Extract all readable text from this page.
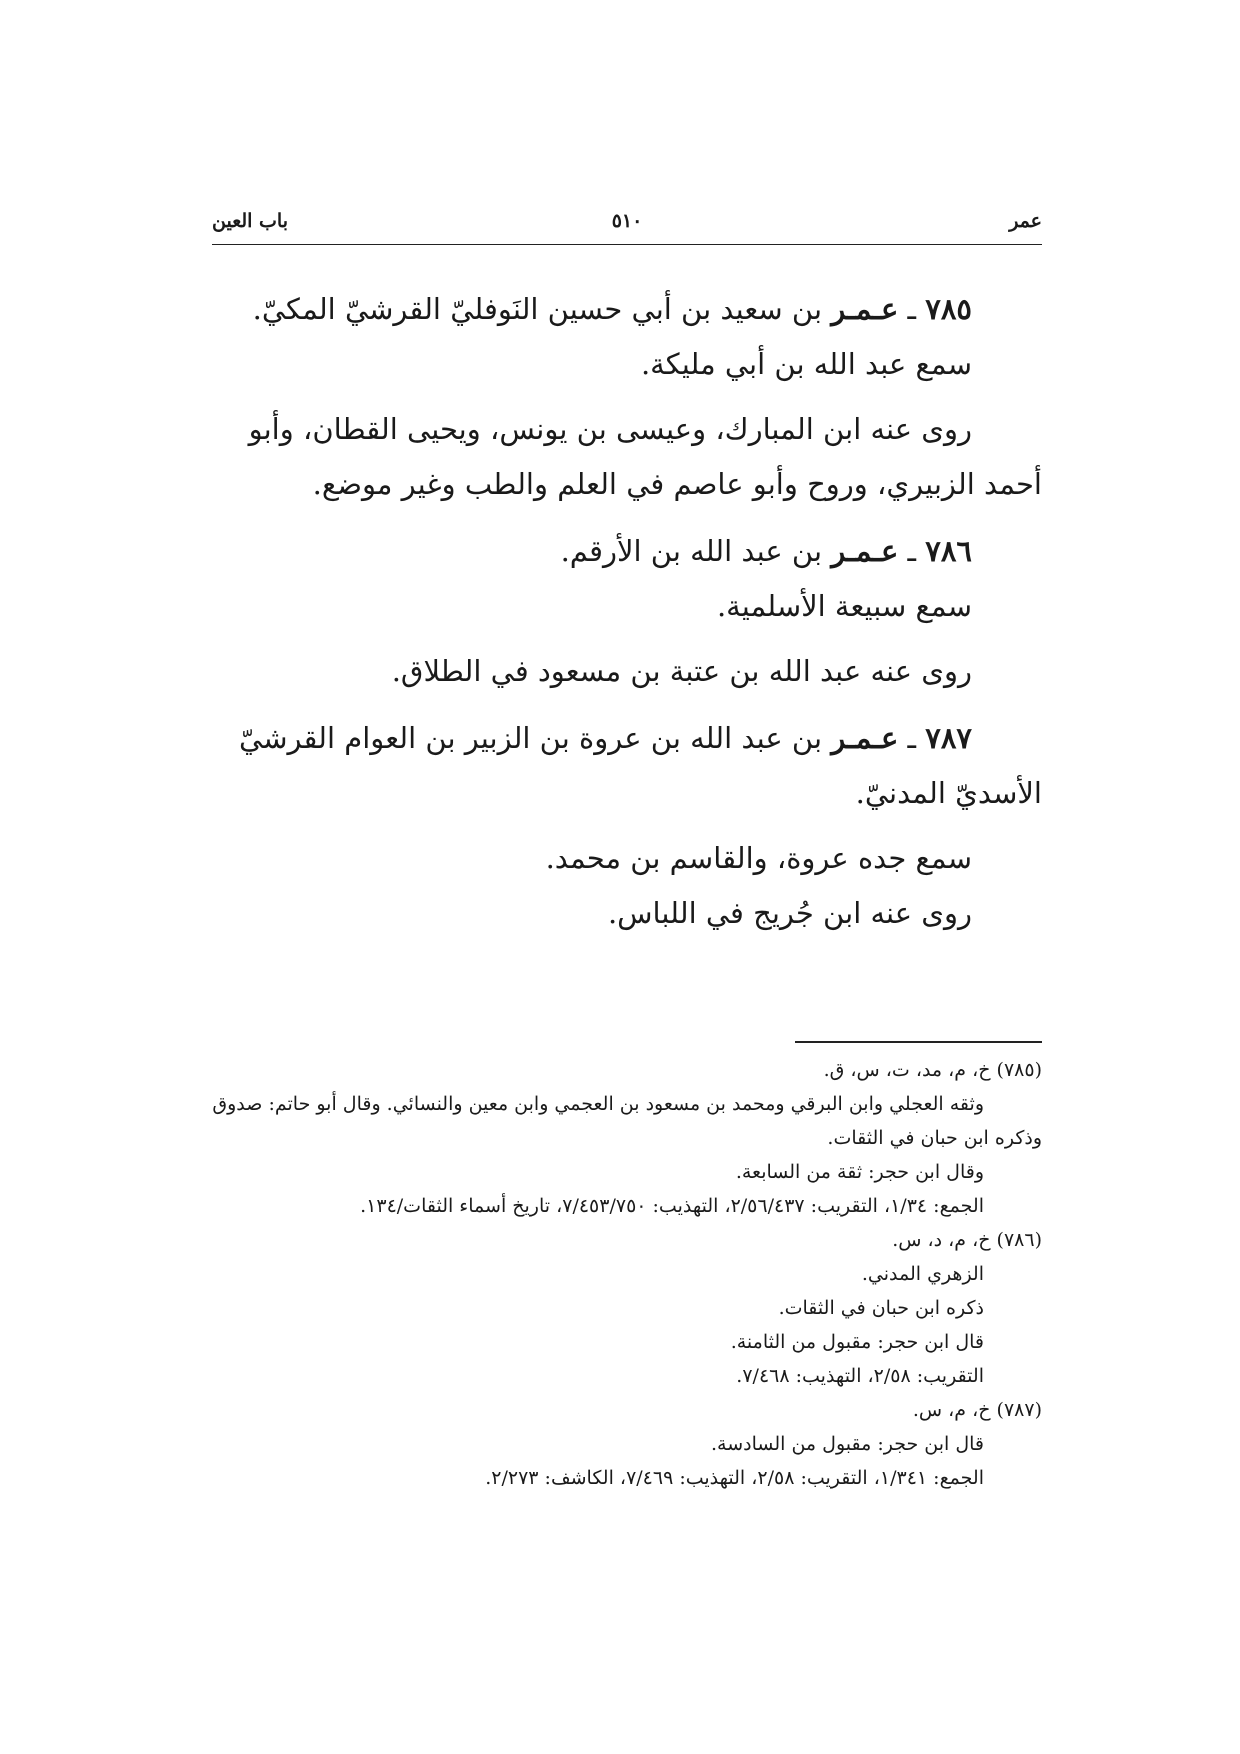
عمر
٥١٠
باب العين

٧٨٥ ـ عـمـر بن سعيد بن أبي حسين النَوفليّ القرشيّ المكيّ.

سمع عبد الله بن أبي مليكة.

روى عنه ابن المبارك، وعيسى بن يونس، ويحيى القطان، وأبو أحمد الزبيري، وروح وأبو عاصم في العلم والطب وغير موضع.

٧٨٦ ـ عـمـر بن عبد الله بن الأرقم.

سمع سبيعة الأسلمية.

روى عنه عبد الله بن عتبة بن مسعود في الطلاق.

٧٨٧ ـ عـمـر بن عبد الله بن عروة بن الزبير بن العوام القرشيّ الأسديّ المدنيّ.

سمع جده عروة، والقاسم بن محمد.

روى عنه ابن جُريج في اللباس.

(٧٨٥) خ، م، مد، ت، س، ق.

وثقه العجلي وابن البرقي ومحمد بن مسعود بن العجمي وابن معين والنسائي. وقال أبو حاتم: صدوق وذكره ابن حبان في الثقات.

وقال ابن حجر: ثقة من السابعة.

الجمع: ١/٣٤، التقريب: ٢/٥٦/٤٣٧، التهذيب: ٧/٤٥٣/٧٥٠، تاريخ أسماء الثقات/١٣٤.

(٧٨٦) خ، م، د، س.

الزهري المدني.

ذكره ابن حبان في الثقات.

قال ابن حجر: مقبول من الثامنة.

التقريب: ٢/٥٨، التهذيب: ٧/٤٦٨.

(٧٨٧) خ، م، س.

قال ابن حجر: مقبول من السادسة.

الجمع: ١/٣٤١، التقريب: ٢/٥٨، التهذيب: ٧/٤٦٩، الكاشف: ٢/٢٧٣.
